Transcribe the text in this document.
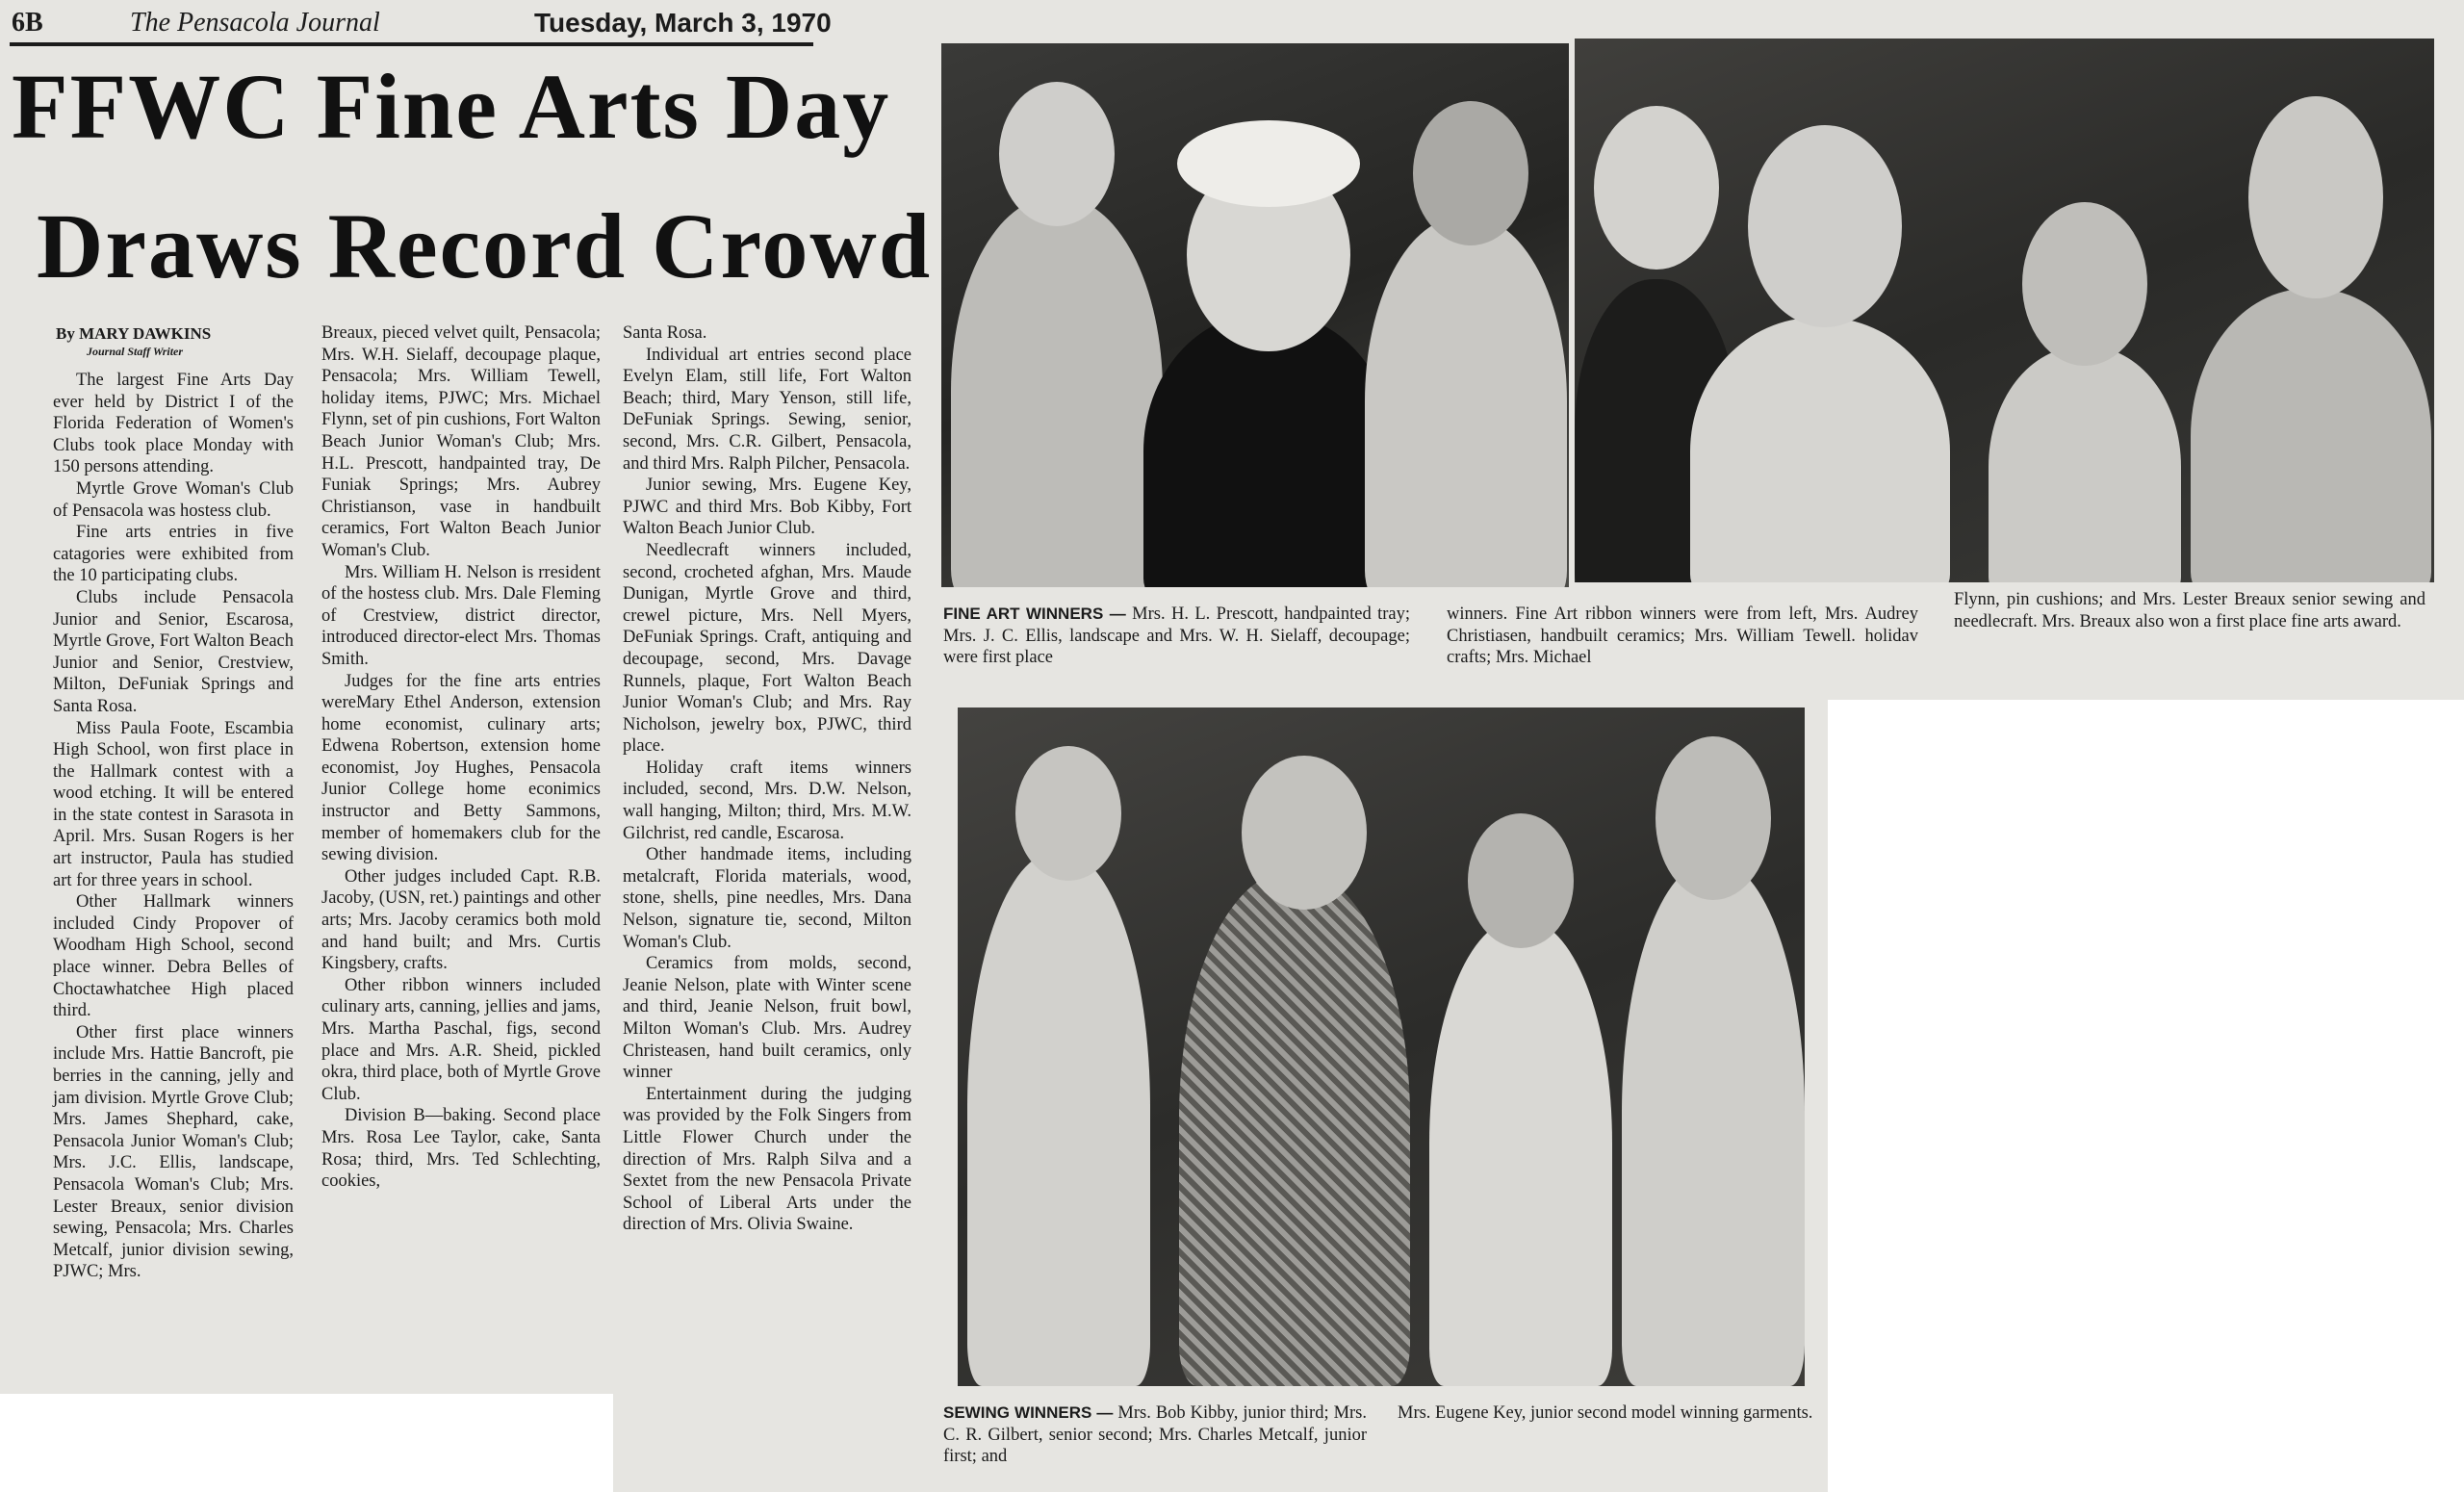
6B	The Pensacola Journal	Tuesday, March 3, 1970
FFWC Fine Arts Day
Draws Record Crowd
By MARY DAWKINS
Journal Staff Writer

The largest Fine Arts Day ever held by District I of the Florida Federation of Women's Clubs took place Monday with 150 persons attending.

Myrtle Grove Woman's Club of Pensacola was hostess club.

Fine arts entries in five catagories were exhibited from the 10 participating clubs.

Clubs include Pensacola Junior and Senior, Escarosa, Myrtle Grove, Fort Walton Beach Junior and Senior, Crestview, Milton, DeFuniak Springs and Santa Rosa.

Miss Paula Foote, Escambia High School, won first place in the Hallmark contest with a wood etching. It will be entered in the state contest in Sarasota in April. Mrs. Susan Rogers is her art instructor, Paula has studied art for three years in school.

Other Hallmark winners included Cindy Propover of Woodham High School, second place winner. Debra Belles of Choctawhatchee High placed third.

Other first place winners include Mrs. Hattie Bancroft, pie berries in the canning, jelly and jam division. Myrtle Grove Club; Mrs. James Shephard, cake, Pensacola Junior Woman's Club; Mrs. J.C. Ellis, landscape, Pensacola Woman's Club; Mrs. Lester Breaux, senior division sewing, Pensacola; Mrs. Charles Metcalf, junior division sewing, PJWC; Mrs.

Breaux, pieced velvet quilt, Pensacola; Mrs. W.H. Sielaff, decoupage plaque, Pensacola; Mrs. William Tewell, holiday items, PJWC; Mrs. Michael Flynn, set of pin cushions, Fort Walton Beach Junior Woman's Club; Mrs. H.L. Prescott, handpainted tray, De Funiak Springs; Mrs. Aubrey Christianson, vase in handbuilt ceramics, Fort Walton Beach Junior Woman's Club.

Mrs. William H. Nelson is rresident of the hostess club. Mrs. Dale Fleming of Crestview, district director, introduced director-elect Mrs. Thomas Smith.

Judges for the fine arts entries wereMary Ethel Anderson, extension home economist, culinary arts; Edwena Robertson, extension home economist, Joy Hughes, Pensacola Junior College home econimics instructor and Betty Sammons, member of homemakers club for the sewing division.

Other judges included Capt. R.B. Jacoby, (USN, ret.) paintings and other arts; Mrs. Jacoby ceramics both mold and hand built; and Mrs. Curtis Kingsbery, crafts.

Other ribbon winners included culinary arts, canning, jellies and jams, Mrs. Martha Paschal, figs, second place and Mrs. A.R. Sheid, pickled okra, third place, both of Myrtle Grove Club.

Division B—baking. Second place Mrs. Rosa Lee Taylor, cake, Santa Rosa; third, Mrs. Ted Schlechting, cookies,

Santa Rosa.

Individual art entries second place Evelyn Elam, still life, Fort Walton Beach; third, Mary Yenson, still life, DeFuniak Springs. Sewing, senior, second, Mrs. C.R. Gilbert, Pensacola, and third Mrs. Ralph Pilcher, Pensacola.

Junior sewing, Mrs. Eugene Key, PJWC and third Mrs. Bob Kibby, Fort Walton Beach Junior Club.

Needlecraft winners included, second, crocheted afghan, Mrs. Maude Dunigan, Myrtle Grove and third, crewel picture, Mrs. Nell Myers, DeFuniak Springs. Craft, antiquing and decoupage, second, Mrs. Davage Runnels, plaque, Fort Walton Beach Junior Woman's Club; and Mrs. Ray Nicholson, jewelry box, PJWC, third place.

Holiday craft items winners included, second, Mrs. D.W. Nelson, wall hanging, Milton; third, Mrs. M.W. Gilchrist, red candle, Escarosa.

Other handmade items, including metalcraft, Florida materials, wood, stone, shells, pine needles, Mrs. Dana Nelson, signature tie, second, Milton Woman's Club.

Ceramics from molds, second, Jeanie Nelson, plate with Winter scene and third, Jeanie Nelson, fruit bowl, Milton Woman's Club. Mrs. Audrey Christeasen, hand built ceramics, only winner

Entertainment during the judging was provided by the Folk Singers from Little Flower Church under the direction of Mrs. Ralph Silva and a Sextet from the new Pensacola Private School of Liberal Arts under the direction of Mrs. Olivia Swaine.

FINE ART WINNERS — Mrs. H. L. Prescott, handpainted tray; Mrs. J. C. Ellis, landscape and Mrs. W. H. Sielaff, decoupage; were first place
winners. Fine Art ribbon winners were from left, Mrs. Audrey Christiasen, handbuilt ceramics; Mrs. William Tewell. holidav crafts; Mrs. Michael
Flynn, pin cushions; and Mrs. Lester Breaux senior sewing and needlecraft. Mrs. Breaux also won a first place fine arts award.
SEWING WINNERS — Mrs. Bob Kibby, junior third; Mrs. C. R. Gilbert, senior second; Mrs. Charles Metcalf, junior first; and
Mrs. Eugene Key, junior second model winning garments.
